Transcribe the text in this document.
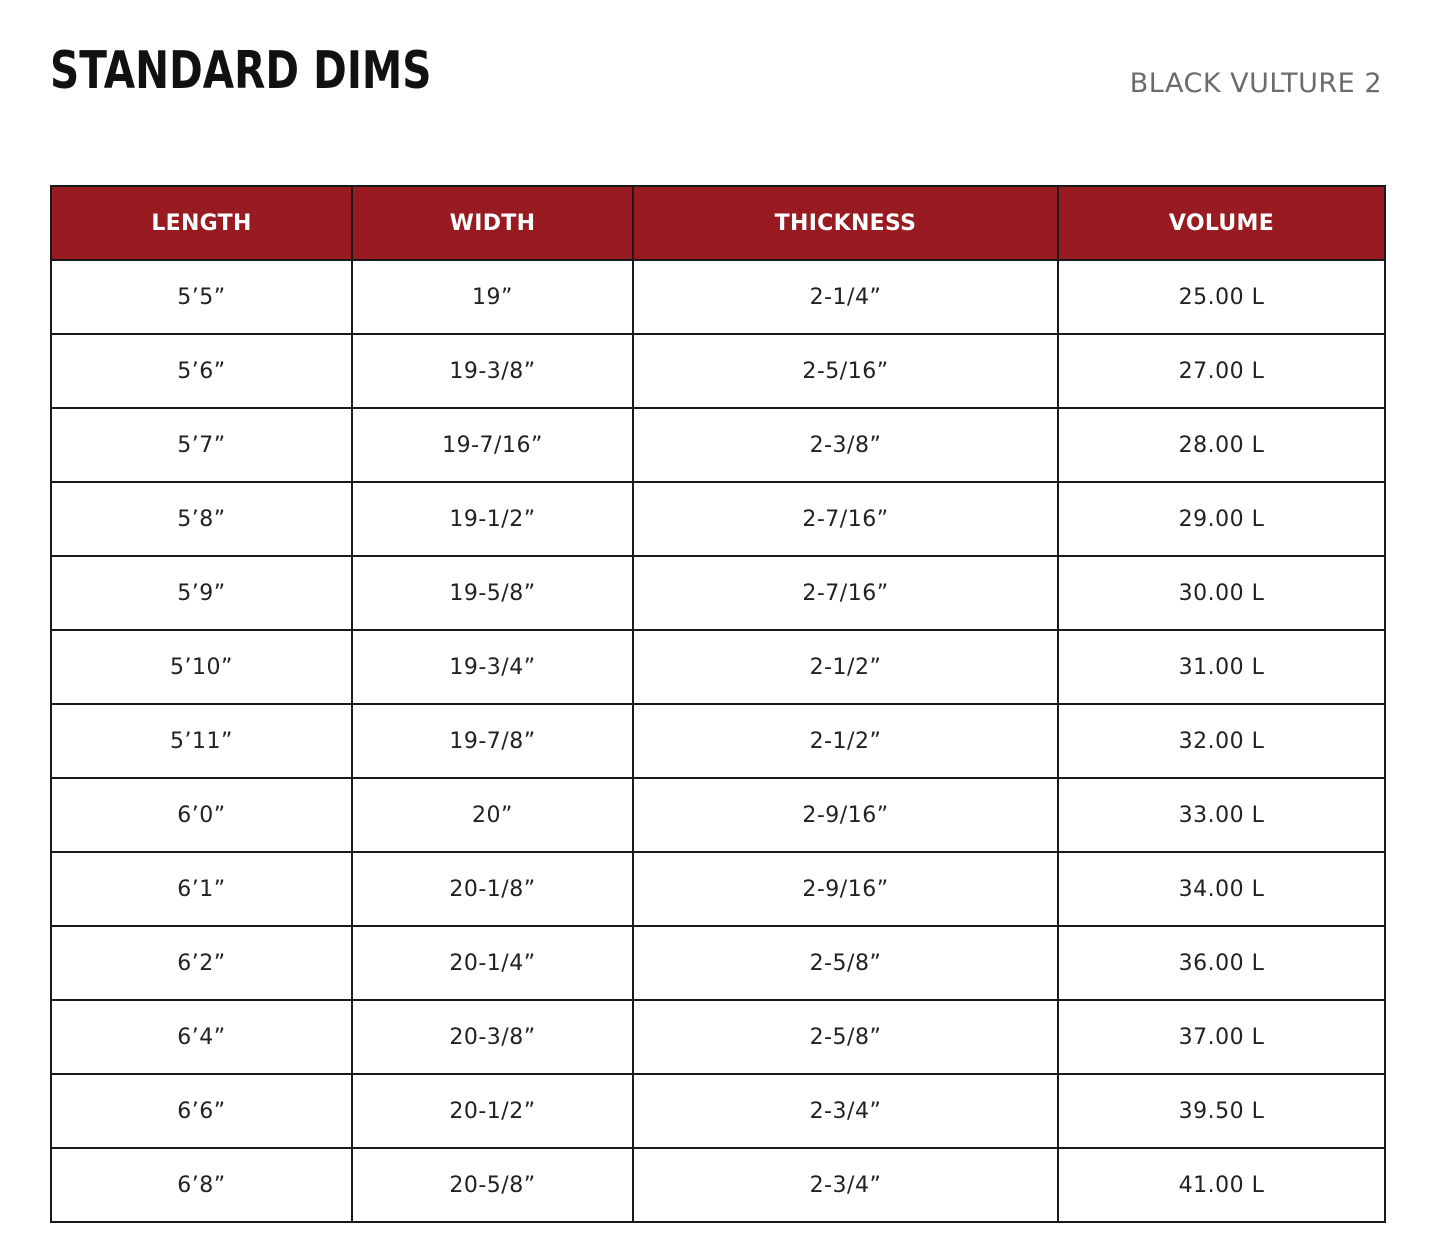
STANDARD DIMS	BLACK VULTURE 2
LENGTH	WIDTH	THICKNESS	VOLUME
5’5”	19”	2-1/4”	25.00 L
5’6”	19-3/8”	2-5/16”	27.00 L
5’7”	19-7/16”	2-3/8”	28.00 L
5’8”	19-1/2”	2-7/16”	29.00 L
5’9”	19-5/8”	2-7/16”	30.00 L
5’10”	19-3/4”	2-1/2”	31.00 L
5’11”	19-7/8”	2-1/2”	32.00 L
6’0”	20”	2-9/16”	33.00 L
6’1”	20-1/8”	2-9/16”	34.00 L
6’2”	20-1/4”	2-5/8”	36.00 L
6’4”	20-3/8”	2-5/8”	37.00 L
6’6”	20-1/2”	2-3/4”	39.50 L
6’8”	20-5/8”	2-3/4”	41.00 L
